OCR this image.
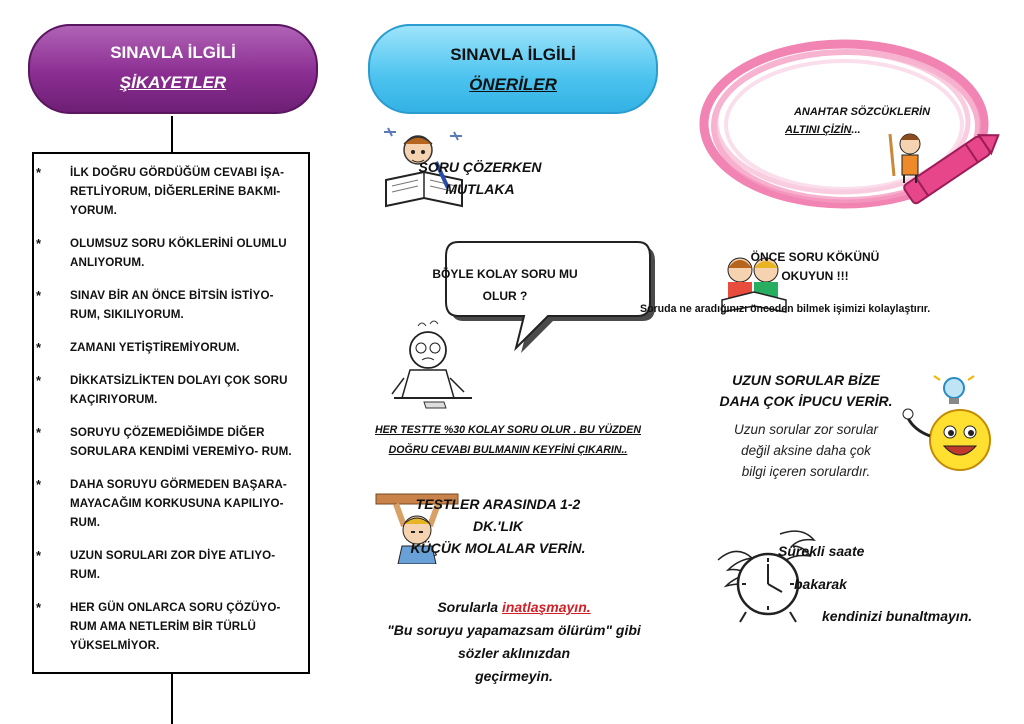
SINAVLA İLGİLİ
ŞİKAYETLER
* İLK DOĞRU GÖRDÜĞÜM CEVABI İŞA- RETLİYORUM, DİĞERLERİNE BAKMI- YORUM.
* OLUMSUZ SORU KÖKLERİNİ OLUMLU ANLIYORUM.
* SINAV BİR AN ÖNCE BİTSİN İSTİYO- RUM, SIKILIYORUM.
* ZAMANI YETİŞTİREMİYORUM.
* DİKKATSİZLİKTEN DOLAYI ÇOK SORU KAÇIRIYORUM.
* SORUYU ÇÖZEMEDİĞİMDE DİĞER SORULARA KENDİMİ VEREMİYO- RUM.
* DAHA SORUYU GÖRMEDEN BAŞARA- MAYACAĞIM KORKUSUNA KAPILIYO- RUM.
* UZUN SORULARI ZOR DİYE ATLIYO- RUM.
* HER GÜN ONLARCA SORU ÇÖZÜYO- RUM AMA NETLERİM BİR TÜRLÜ YÜKSELMİYOR.
SINAVLA İLGİLİ
ÖNERİLER
SORU ÇÖZERKEN
MUTLAKA
BÖYLE KOLAY SORU MU
OLUR ?
HER TESTTE %30 KOLAY SORU OLUR . BU YÜZDEN
DOĞRU CEVABI BULMANIN KEYFİNİ ÇIKARIN..
TESTLER ARASINDA 1-2
DK.'LIK
KÜÇÜK MOLALAR VERİN.
Sorularla inatlaşmayın.
"Bu soruyu yapamazsam ölürüm" gibi
sözler aklınızdan
geçirmeyin.
ANAHTAR SÖZCÜKLERİN
ALTINI ÇİZİN...
ÖNCE SORU KÖKÜNÜ
OKUYUN !!!
Soruda ne aradığınızı önceden bilmek işimizi kolaylaştırır.
UZUN SORULAR BİZE
DAHA ÇOK İPUCU VERİR.
Uzun sorular zor sorular
değil aksine daha çok
bilgi içeren sorulardır.
Sürekli saate
bakarak
kendinizi bunaltmayın.
